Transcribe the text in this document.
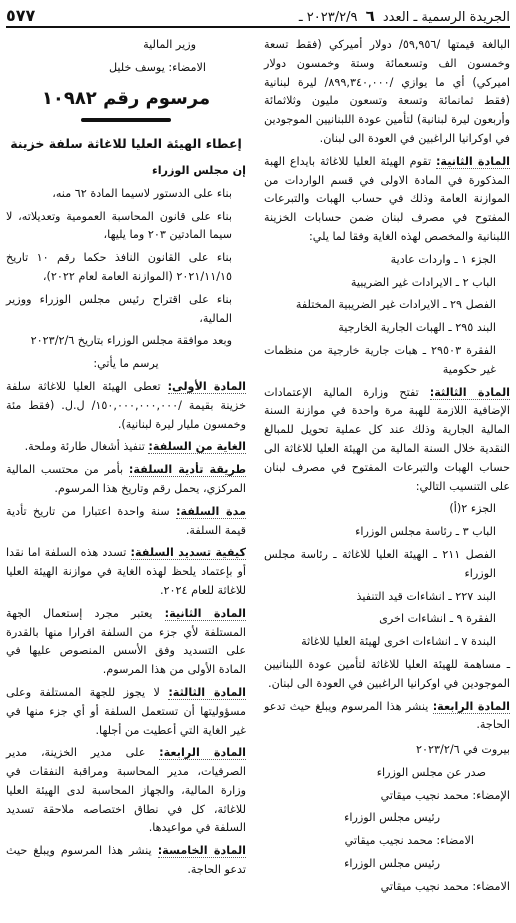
٥٧٧	الجريدة الرسمية ـ العدد ٦ ٢٠٢٣/٢/٩ ـ

البالغة قيمتها /٥٩,٩٥٦/ دولار أميركي (فقط تسعة وخمسون الف وتسعمائة وستة وخمسون دولار اميركي) أي ما يوازي /٨٩٩,٣٤٠,٠٠٠/ ليرة لبنانية (فقط ثمانمائة وتسعة وتسعون مليون وثلاثمائة وأربعون ليرة لبنانية) لتأمين عودة اللبنانيين الموجودين في اوكرانيا الراغبين في العودة الى لبنان.

المادة الثانية: تقوم الهيئة العليا للاغاثة بايداع الهبة المذكورة في المادة الاولى في قسم الواردات من الموازنة العامة وذلك في حساب الهبات والتبرعات المفتوح في مصرف لبنان ضمن حسابات الخزينة اللبنانية والمخصص لهذه الغاية وفقا لما يلي:

الجزء ١ ـ واردات عادية

الباب ٢ ـ الايرادات غير الضريبية

الفصل ٢٩ ـ الايرادات غير الضريبية المختلفة

البند ٢٩٥ ـ الهبات الجارية الخارجية

الفقرة ٢٩٥٠٣ ـ هبات جارية خارجية من منظمات غير حكومية

المادة الثالثة: تفتح وزارة المالية الإعتمادات الإضافية اللازمة للهبة مرة واحدة في موازنة السنة المالية الجارية وذلك عند كل عملية تحويل للمبالغ النقدية خلال السنة المالية من الهيئة العليا للاغاثة الى حساب الهبات والتبرعات المفتوح في مصرف لبنان على التنسيب التالي:

الجزء ٢(أ)

الباب ٣ ـ رئاسة مجلس الوزراء

الفصل ٢١١ ـ الهيئة العليا للاغاثة ـ رئاسة مجلس الوزراء

البند ٢٢٧ ـ انشاءات قيد التنفيذ

الفقرة ٩ ـ انشاءات اخرى

البندة ٧ ـ انشاءات اخرى لهيئة العليا للاغاثة

ـ مساهمة للهيئة العليا للاغاثة لتأمين عودة اللبنانيين الموجودين في اوكرانيا الراغبين في العودة الى لبنان.

المادة الرابعة: ينشر هذا المرسوم ويبلغ حيث تدعو الحاجة.

بيروت في ٢٠٢٣/٢/٦

صدر عن مجلس الوزراء

الإمضاء: محمد نجيب ميقاتي

رئيس مجلس الوزراء

الامضاء: محمد نجيب ميقاتي

رئيس مجلس الوزراء

الامضاء: محمد نجيب ميقاتي

وزير المالية

الامضاء: يوسف خليل

مرسوم رقم ١٠٩٨٢
إعطاء الهيئة العليا للاغاثة سلفة خزينة

إن مجلس الوزراء

بناء على الدستور لاسيما المادة ٦٢ منه،

بناء على قانون المحاسبة العمومية وتعديلاته، لا سيما المادتين ٢٠٣ وما يليها،

بناء على القانون النافذ حكما رقم ١٠ تاريخ ٢٠٢١/١١/١٥ (الموازنة العامة لعام ٢٠٢٢)،

بناء على اقتراح رئيس مجلس الوزراء ووزير المالية،

وبعد موافقة مجلس الوزراء بتاريخ ٢٠٢٣/٢/٦

يرسم ما يأتي:

المادة الأولى: تعطى الهيئة العليا للاغاثة سلفة خزينة بقيمة /١٥٠,٠٠٠,٠٠٠,٠٠٠/ ل.ل. (فقط مئة وخمسون مليار ليرة لبنانية).

الغاية من السلفة: تنفيذ أشغال طارئة وملحة.

طريقة تأدية السلفة: بأمر من محتسب المالية المركزي، يحمل رقم وتاريخ هذا المرسوم.

مدة السلفة: سنة واحدة اعتبارا من تاريخ تأدية قيمة السلفة.

كيفية تسديد السلفة: تسدد هذه السلفة اما نقدا أو بإعتماد يلحظ لهذه الغاية في موازنة الهيئة العليا للاغاثة للعام ٢٠٢٤.

المادة الثانية: يعتبر مجرد إستعمال الجهة المستلفة لأي جزء من السلفة اقرارا منها بالقدرة على التسديد وفق الأسس المنصوص عليها في المادة الأولى من هذا المرسوم.

المادة الثالثة: لا يجوز للجهة المستلفة وعلى مسؤوليتها أن تستعمل السلفة أو أي جزء منها في غير الغاية التي أعطيت من أجلها.

المادة الرابعة: على مدير الخزينة، مدير الصرفيات، مدير المحاسبة ومراقبة النفقات في وزارة المالية، والجهاز المحاسبة لدى الهيئة العليا للاغاثة، كل في نطاق اختصاصه ملاحقة تسديد السلفة في مواعيدها.

المادة الخامسة: ينشر هذا المرسوم ويبلغ حيث تدعو الحاجة.
